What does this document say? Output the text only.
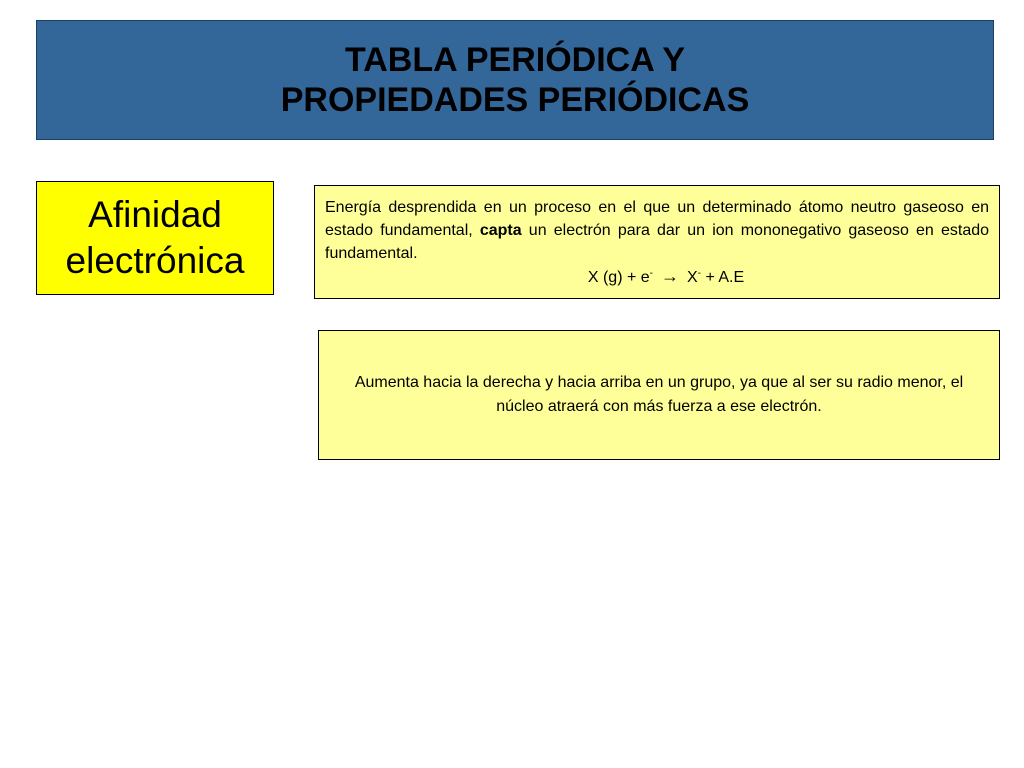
TABLA PERIÓDICA Y
PROPIEDADES PERIÓDICAS
Afinidad
electrónica

Energía desprendida en un proceso en el que un determinado átomo neutro gaseoso en estado fundamental, capta un electrón para dar un ion mononegativo gaseoso en estado fundamental.

X (g) + e- → X- + A.E

Aumenta hacia la derecha y hacia arriba en un grupo, ya que al ser su radio menor, el núcleo atraerá con más fuerza a ese electrón.
